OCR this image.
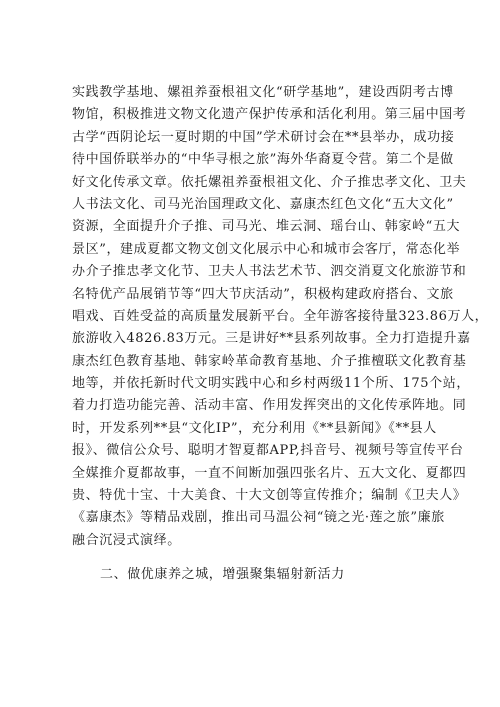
实践教学基地、嫘祖养蚕根祖文化“研学基地”，建设西阴考古博
物馆，积极推进文物文化遗产保护传承和活化利用。第三届中国考
古学“西阴论坛一夏时期的中国”学术研讨会在**县举办，成功接
待中国侨联举办的“中华寻根之旅”海外华裔夏令营。第二个是做
好文化传承文章。依托嫘祖养蚕根祖文化、介子推忠孝文化、卫夫
人书法文化、司马光治国理政文化、嘉康杰红色文化“五大文化”
资源，全面提升介子推、司马光、堆云洞、瑶台山、韩家岭“五大
景区”，建成夏都文物文创文化展示中心和城市会客厅，常态化举
办介子推忠孝文化节、卫夫人书法艺术节、泗交消夏文化旅游节和
名特优产品展销节等“四大节庆活动”，积极构建政府搭台、文旅
唱戏、百姓受益的高质量发展新平台。全年游客接待量323.86万人，
旅游收入4826.83万元。三是讲好**县系列故事。全力打造提升嘉
康杰红色教育基地、韩家岭革命教育基地、介子推檀联文化教育基
地等，并依托新时代文明实践中心和乡村两级11个所、175个站，
着力打造功能完善、活动丰富、作用发挥突出的文化传承阵地。同
时，开发系列**县“文化IP”，充分利用《**县新闻》《**县人
报》、微信公众号、聪明才智夏都APP,抖音号、视频号等宣传平台
全媒推介夏都故事，一直不间断加强四张名片、五大文化、夏都四
贵、特优十宝、十大美食、十大文创等宣传推介；编制《卫夫人》
《嘉康杰》等精品戏剧，推出司马温公祠“镜之光·莲之旅”廉旅
融合沉浸式演绎。
二、做优康养之城，增强聚集辐射新活力
